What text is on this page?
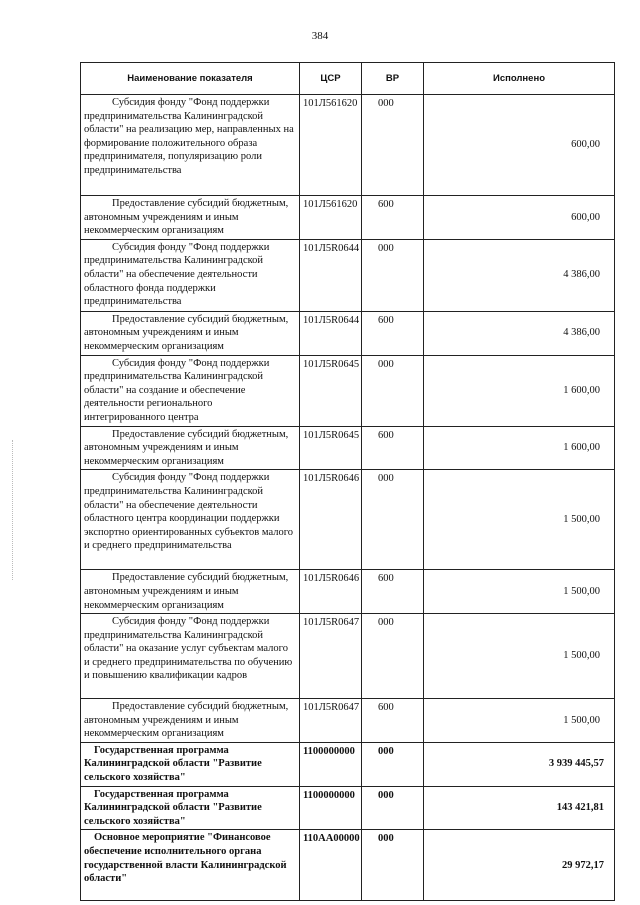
384
Наименование показателя	ЦСР	ВР	Исполнено
Субсидия фонду "Фонд поддержки предпринимательства Калининградской области" на реализацию мер, направленных на формирование положительного образа предпринимателя, популяризацию роли предпринимательства	101Л561620	000	600,00
Предоставление субсидий бюджетным, автономным учреждениям и иным некоммерческим организациям	101Л561620	600	600,00
Субсидия фонду "Фонд поддержки предпринимательства Калининградской области" на обеспечение деятельности областного фонда поддержки предпринимательства	101Л5R0644	000	4 386,00
Предоставление субсидий бюджетным, автономным учреждениям и иным некоммерческим организациям	101Л5R0644	600	4 386,00
Субсидия фонду "Фонд поддержки предпринимательства Калининградской области" на создание и обеспечение деятельности регионального интегрированного центра	101Л5R0645	000	1 600,00
Предоставление субсидий бюджетным, автономным учреждениям и иным некоммерческим организациям	101Л5R0645	600	1 600,00
Субсидия фонду "Фонд поддержки предпринимательства Калининградской области" на обеспечение деятельности областного центра координации поддержки экспортно ориентированных субъектов малого и среднего предпринимательства	101Л5R0646	000	1 500,00
Предоставление субсидий бюджетным, автономным учреждениям и иным некоммерческим организациям	101Л5R0646	600	1 500,00
Субсидия фонду "Фонд поддержки предпринимательства Калининградской области" на оказание услуг субъектам малого и среднего предпринимательства по обучению и повышению квалификации кадров	101Л5R0647	000	1 500,00
Предоставление субсидий бюджетным, автономным учреждениям и иным некоммерческим организациям	101Л5R0647	600	1 500,00
Государственная программа Калининградской области "Развитие сельского хозяйства"	1100000000	000	3 939 445,57
Государственная программа Калининградской области "Развитие сельского хозяйства"	1100000000	000	143 421,81
Основное мероприятие "Финансовое обеспечение исполнительного органа государственной власти Калининградской области"	110АА00000	000	29 972,17
